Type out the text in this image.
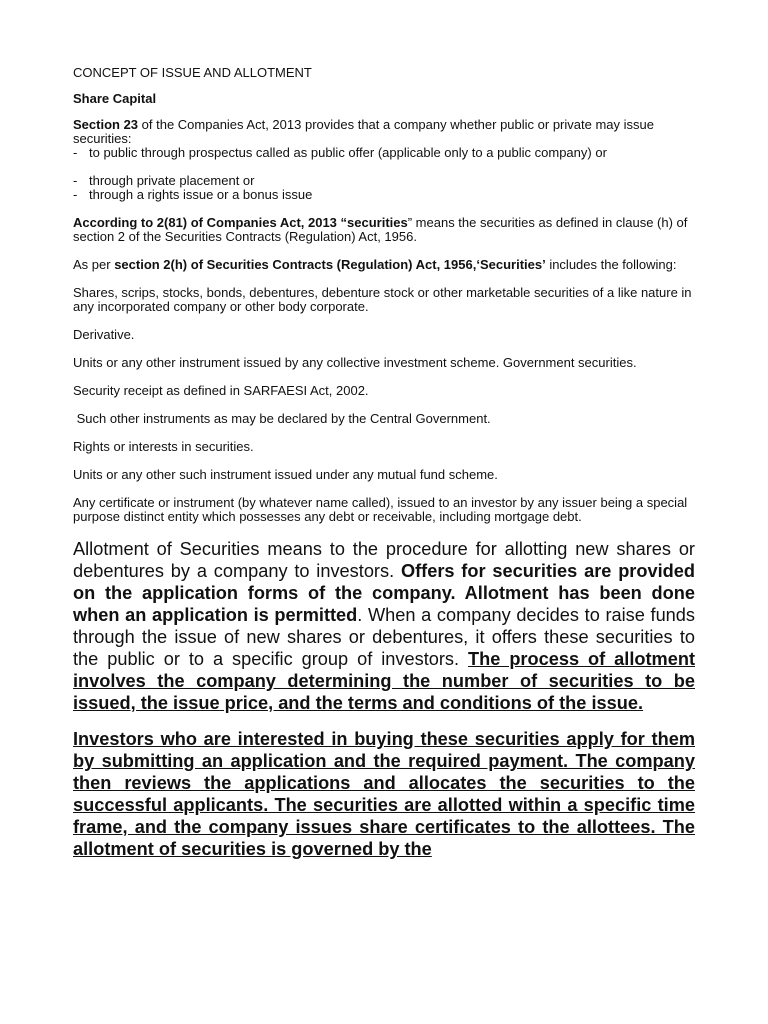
CONCEPT OF ISSUE AND ALLOTMENT

Share Capital

Section 23 of the Companies Act, 2013 provides that a company whether public or private may issue securities:
- to public through prospectus called as public offer (applicable only to a public company) or
- through private placement or
- through a rights issue or a bonus issue

According to 2(81) of Companies Act, 2013 “securities” means the securities as defined in clause (h) of section 2 of the Securities Contracts (Regulation) Act, 1956.

As per section 2(h) of Securities Contracts (Regulation) Act, 1956,‘Securities’ includes the following:

Shares, scrips, stocks, bonds, debentures, debenture stock or other marketable securities of a like nature in any incorporated company or other body corporate.

Derivative.

Units or any other instrument issued by any collective investment scheme. Government securities.

Security receipt as defined in SARFAESI Act, 2002.

Such other instruments as may be declared by the Central Government.

Rights or interests in securities.

Units or any other such instrument issued under any mutual fund scheme.

Any certificate or instrument (by whatever name called), issued to an investor by any issuer being a special purpose distinct entity which possesses any debt or receivable, including mortgage debt.

Allotment of Securities means to the procedure for allotting new shares or debentures by a company to investors. Offers for securities are provided on the application forms of the company. Allotment has been done when an application is permitted. When a company decides to raise funds through the issue of new shares or debentures, it offers these securities to the public or to a specific group of investors. The process of allotment involves the company determining the number of securities to be issued, the issue price, and the terms and conditions of the issue.

Investors who are interested in buying these securities apply for them by submitting an application and the required payment. The company then reviews the applications and allocates the securities to the successful applicants. The securities are allotted within a specific time frame, and the company issues share certificates to the allottees. The allotment of securities is governed by the
